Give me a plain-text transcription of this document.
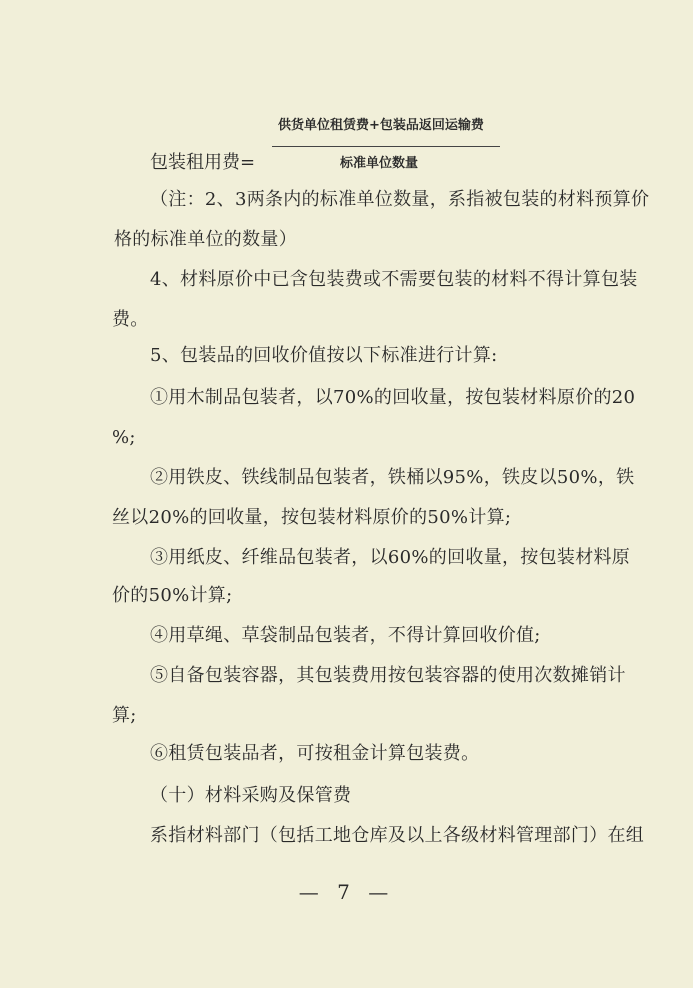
供货单位租赁费+包装品返回运输费
包装租用费=	标准单位数量
（注：2、3两条内的标准单位数量，系指被包装的材料预算价
格的标准单位的数量）
4、材料原价中已含包装费或不需要包装的材料不得计算包装
费。
5、包装品的回收价值按以下标准进行计算:
①用木制品包装者，以70%的回收量，按包装材料原价的20
%;
②用铁皮、铁线制品包装者，铁桶以95%，铁皮以50%，铁
丝以20%的回收量，按包装材料原价的50%计算;
③用纸皮、纤维品包装者，以60%的回收量，按包装材料原
价的50%计算;
④用草绳、草袋制品包装者，不得计算回收价值;
⑤自备包装容器，其包装费用按包装容器的使用次数摊销计
算;
⑥租赁包装品者，可按租金计算包装费。
（十）材料采购及保管费
系指材料部门（包括工地仓库及以上各级材料管理部门）在组
— 7 —
